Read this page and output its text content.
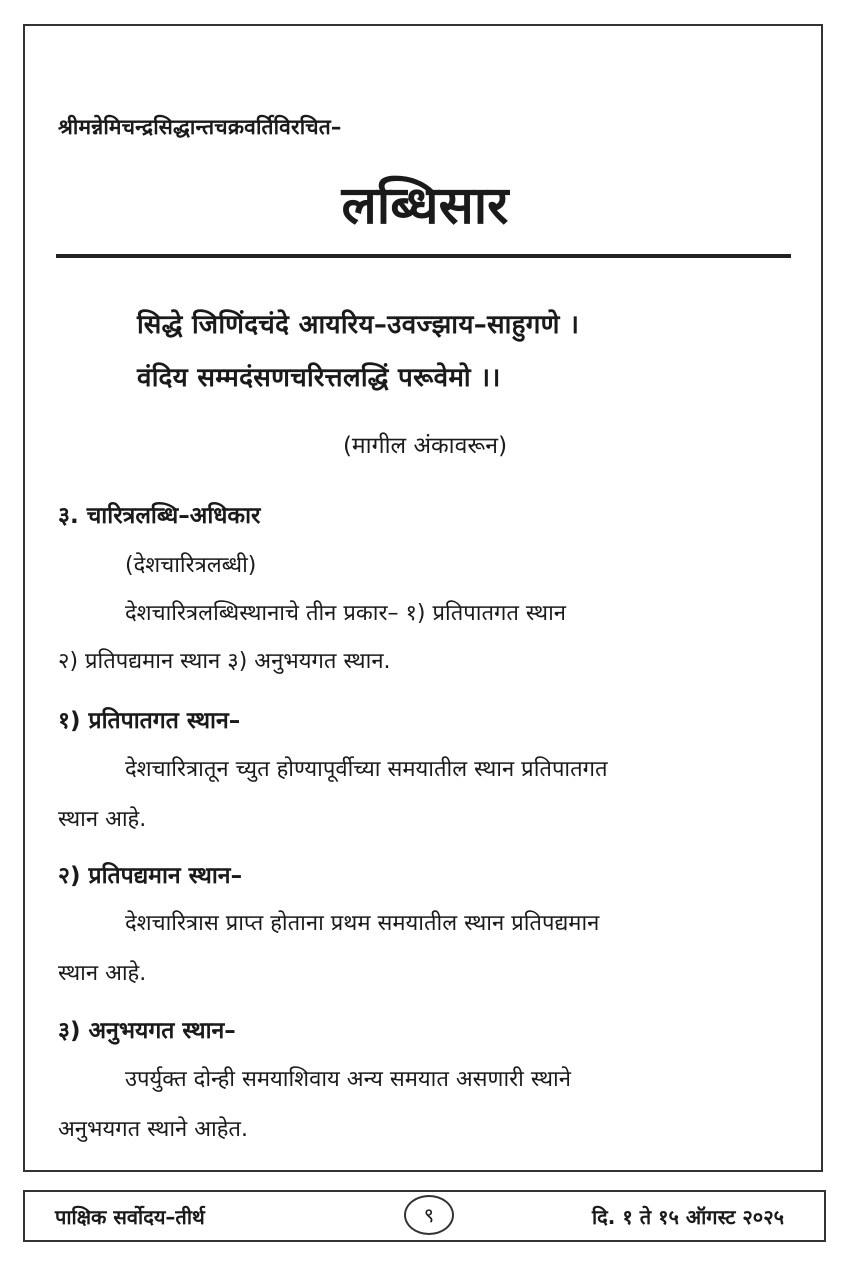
श्रीमन्नेमिचन्द्रसिद्धान्तचक्रवर्तिविरचित–
लब्धिसार
सिद्धे जिणिंदचंदे आयरिय–उवज्झाय–साहुगणे ।
वंदिय सम्मदंसणचरित्तलद्धिं परूवेमो ।।
(मागील अंकावरून)
३. चारित्रलब्धि–अधिकार
(देशचारित्रलब्धी)
देशचारित्रलब्धिस्थानाचे तीन प्रकार– १) प्रतिपातगत स्थान
२) प्रतिपद्यमान स्थान ३) अनुभयगत स्थान.
१) प्रतिपातगत स्थान–
देशचारित्रातून च्युत होण्यापूर्वीच्या समयातील स्थान प्रतिपातगत
स्थान आहे.
२) प्रतिपद्यमान स्थान–
देशचारित्रास प्राप्त होताना प्रथम समयातील स्थान प्रतिपद्यमान
स्थान आहे.
३) अनुभयगत स्थान–
उपर्युक्त दोन्ही समयाशिवाय अन्य समयात असणारी स्थाने
अनुभयगत स्थाने आहेत.
पाक्षिक सर्वोदय–तीर्थ	९	दि. १ ते १५ ऑगस्ट २०२५
